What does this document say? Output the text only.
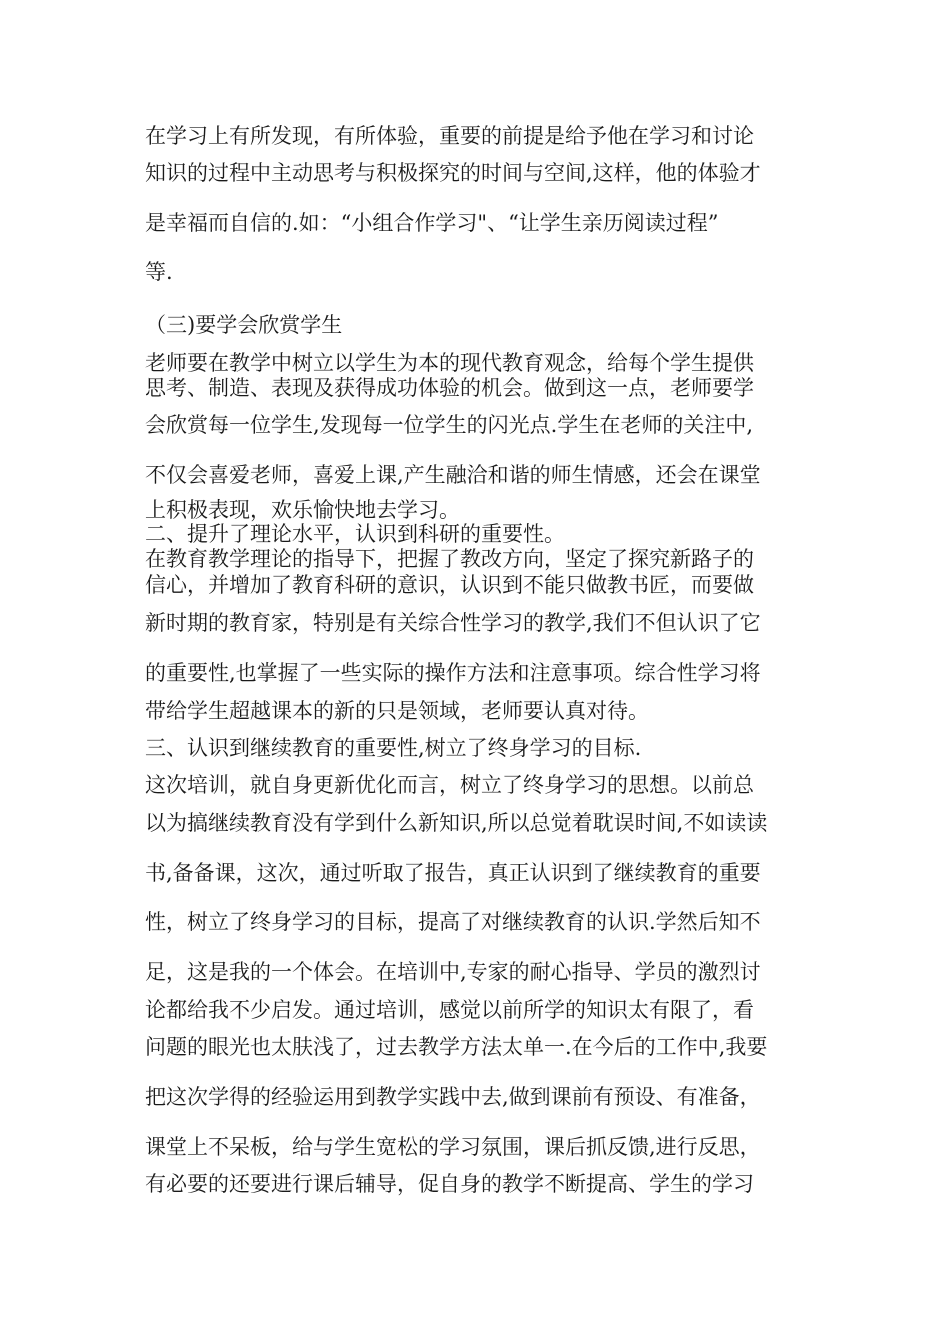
在学习上有所发现，有所体验，重要的前提是给予他在学习和讨论
知识的过程中主动思考与积极探究的时间与空间,这样，他的体验才
是幸福而自信的.如：“小组合作学习"、“让学生亲历阅读过程”
等.
（三)要学会欣赏学生
老师要在教学中树立以学生为本的现代教育观念，给每个学生提供
思考、制造、表现及获得成功体验的机会。做到这一点，老师要学
会欣赏每一位学生,发现每一位学生的闪光点.学生在老师的关注中,
不仅会喜爱老师，喜爱上课,产生融洽和谐的师生情感，还会在课堂
上积极表现，欢乐愉快地去学习。
二、提升了理论水平，认识到科研的重要性。
在教育教学理论的指导下，把握了教改方向，坚定了探究新路子的
信心，并增加了教育科研的意识，认识到不能只做教书匠，而要做
新时期的教育家，特别是有关综合性学习的教学,我们不但认识了它
的重要性,也掌握了一些实际的操作方法和注意事项。综合性学习将
带给学生超越课本的新的只是领域，老师要认真对待。
三、认识到继续教育的重要性,树立了终身学习的目标.
这次培训，就自身更新优化而言，树立了终身学习的思想。以前总
以为搞继续教育没有学到什么新知识,所以总觉着耽误时间,不如读读
书,备备课，这次，通过听取了报告，真正认识到了继续教育的重要
性，树立了终身学习的目标，提高了对继续教育的认识.学然后知不
足，这是我的一个体会。在培训中,专家的耐心指导、学员的激烈讨
论都给我不少启发。通过培训，感觉以前所学的知识太有限了，看
问题的眼光也太肤浅了，过去教学方法太单一.在今后的工作中,我要
把这次学得的经验运用到教学实践中去,做到课前有预设、有准备，
课堂上不呆板，给与学生宽松的学习氛围，课后抓反馈,进行反思，
有必要的还要进行课后辅导，促自身的教学不断提高、学生的学习
